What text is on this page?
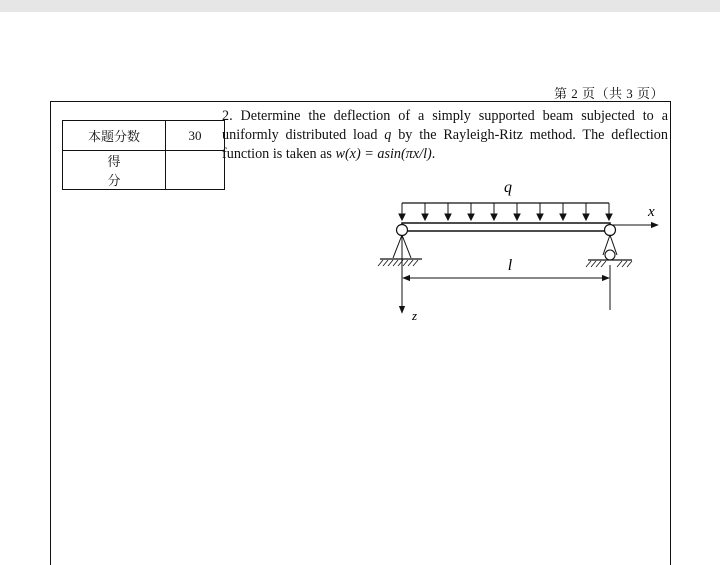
第 2 页（共 3 页）
本题分数	30
得 分	
2. Determine the deflection of a simply supported beam subjected to a uniformly distributed load q by the Rayleigh-Ritz method. The deflection function is taken as w(x) = asin(πx/l).
q
x
z
l
